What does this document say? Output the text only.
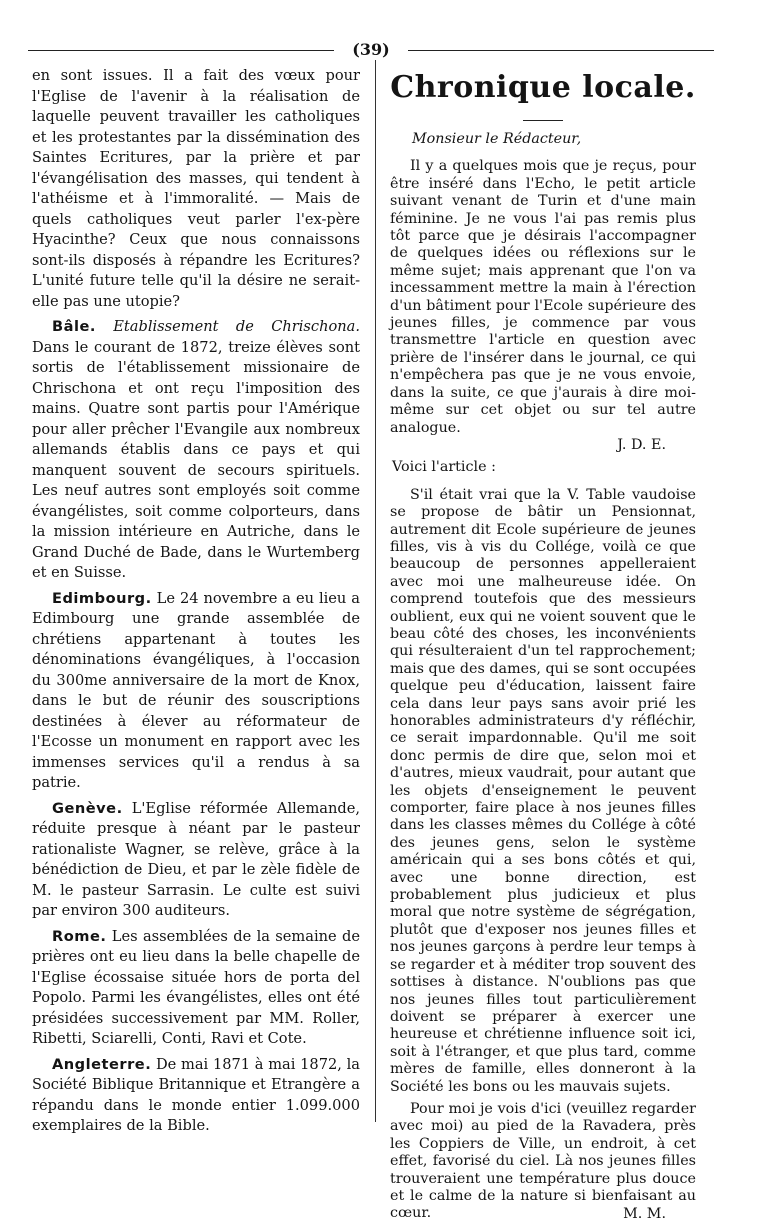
(39)

en sont issues. Il a fait des vœux pour l'Eglise de l'avenir à la réalisation de laquelle peuvent travailler les catholiques et les protestantes par la dissémination des Saintes Ecritures, par la prière et par l'évangélisation des masses, qui tendent à l'athéisme et à l'immoralité. — Mais de quels catholiques veut parler l'ex-père Hyacinthe? Ceux que nous connaissons sont-ils disposés à répandre les Ecritures? L'unité future telle qu'il la désire ne serait-elle pas une utopie?

Bâle. Etablissement de Chrischona. Dans le courant de 1872, treize élèves sont sortis de l'établissement missionaire de Chrischona et ont reçu l'imposition des mains. Quatre sont partis pour l'Amérique pour aller prêcher l'Evangile aux nombreux allemands établis dans ce pays et qui manquent souvent de secours spirituels. Les neuf autres sont employés soit comme évangélistes, soit comme colporteurs, dans la mission intérieure en Autriche, dans le Grand Duché de Bade, dans le Wurtemberg et en Suisse.

Edimbourg. Le 24 novembre a eu lieu a Edimbourg une grande assemblée de chrétiens appartenant à toutes les dénominations évangéliques, à l'occasion du 300me anniversaire de la mort de Knox, dans le but de réunir des souscriptions destinées à élever au réformateur de l'Ecosse un monument en rapport avec les immenses services qu'il a rendus à sa patrie.

Genève. L'Eglise réformée Allemande, réduite presque à néant par le pasteur rationaliste Wagner, se relève, grâce à la bénédiction de Dieu, et par le zèle fidèle de M. le pasteur Sarrasin. Le culte est suivi par environ 300 auditeurs.

Rome. Les assemblées de la semaine de prières ont eu lieu dans la belle chapelle de l'Eglise écossaise située hors de porta del Popolo. Parmi les évangélistes, elles ont été présidées successivement par MM. Roller, Ribetti, Sciarelli, Conti, Ravi et Cote.

Angleterre. De mai 1871 à mai 1872, la Société Biblique Britannique et Etrangère a répandu dans le monde entier 1.099.000 exemplaires de la Bible.

Chronique locale.

Monsieur le Rédacteur,

Il y a quelques mois que je reçus, pour être inséré dans l'Echo, le petit article suivant venant de Turin et d'une main féminine. Je ne vous l'ai pas remis plus tôt parce que je désirais l'accompagner de quelques idées ou réflexions sur le même sujet; mais apprenant que l'on va incessamment mettre la main à l'érection d'un bâtiment pour l'Ecole supérieure des jeunes filles, je commence par vous transmettre l'article en question avec prière de l'insérer dans le journal, ce qui n'empêchera pas que je ne vous envoie, dans la suite, ce que j'aurais à dire moi-même sur cet objet ou sur tel autre analogue.

J. D. E.

Voici l'article :

S'il était vrai que la V. Table vaudoise se propose de bâtir un Pensionnat, autrement dit Ecole supérieure de jeunes filles, vis à vis du Collége, voilà ce que beaucoup de personnes appelleraient avec moi une malheureuse idée. On comprend toutefois que des messieurs oublient, eux qui ne voient souvent que le beau côté des choses, les inconvénients qui résulteraient d'un tel rapprochement; mais que des dames, qui se sont occupées quelque peu d'éducation, laissent faire cela dans leur pays sans avoir prié les honorables administrateurs d'y réfléchir, ce serait impardonnable. Qu'il me soit donc permis de dire que, selon moi et d'autres, mieux vaudrait, pour autant que les objets d'enseignement le peuvent comporter, faire place à nos jeunes filles dans les classes mêmes du Collége à côté des jeunes gens, selon le système américain qui a ses bons côtés et qui, avec une bonne direction, est probablement plus judicieux et plus moral que notre système de ségrégation, plutôt que d'exposer nos jeunes filles et nos jeunes garçons à perdre leur temps à se regarder et à méditer trop souvent des sottises à distance. N'oublions pas que nos jeunes filles tout particulièrement doivent se préparer à exercer une heureuse et chrétienne influence soit ici, soit à l'étranger, et que plus tard, comme mères de famille, elles donneront à la Société les bons ou les mauvais sujets.

Pour moi je vois d'ici (veuillez regarder avec moi) au pied de la Ravadera, près les Coppiers de Ville, un endroit, à cet effet, favorisé du ciel. Là nos jeunes filles trouveraient une température plus douce et le calme de la nature si bienfaisant au cœur.	M. M.
